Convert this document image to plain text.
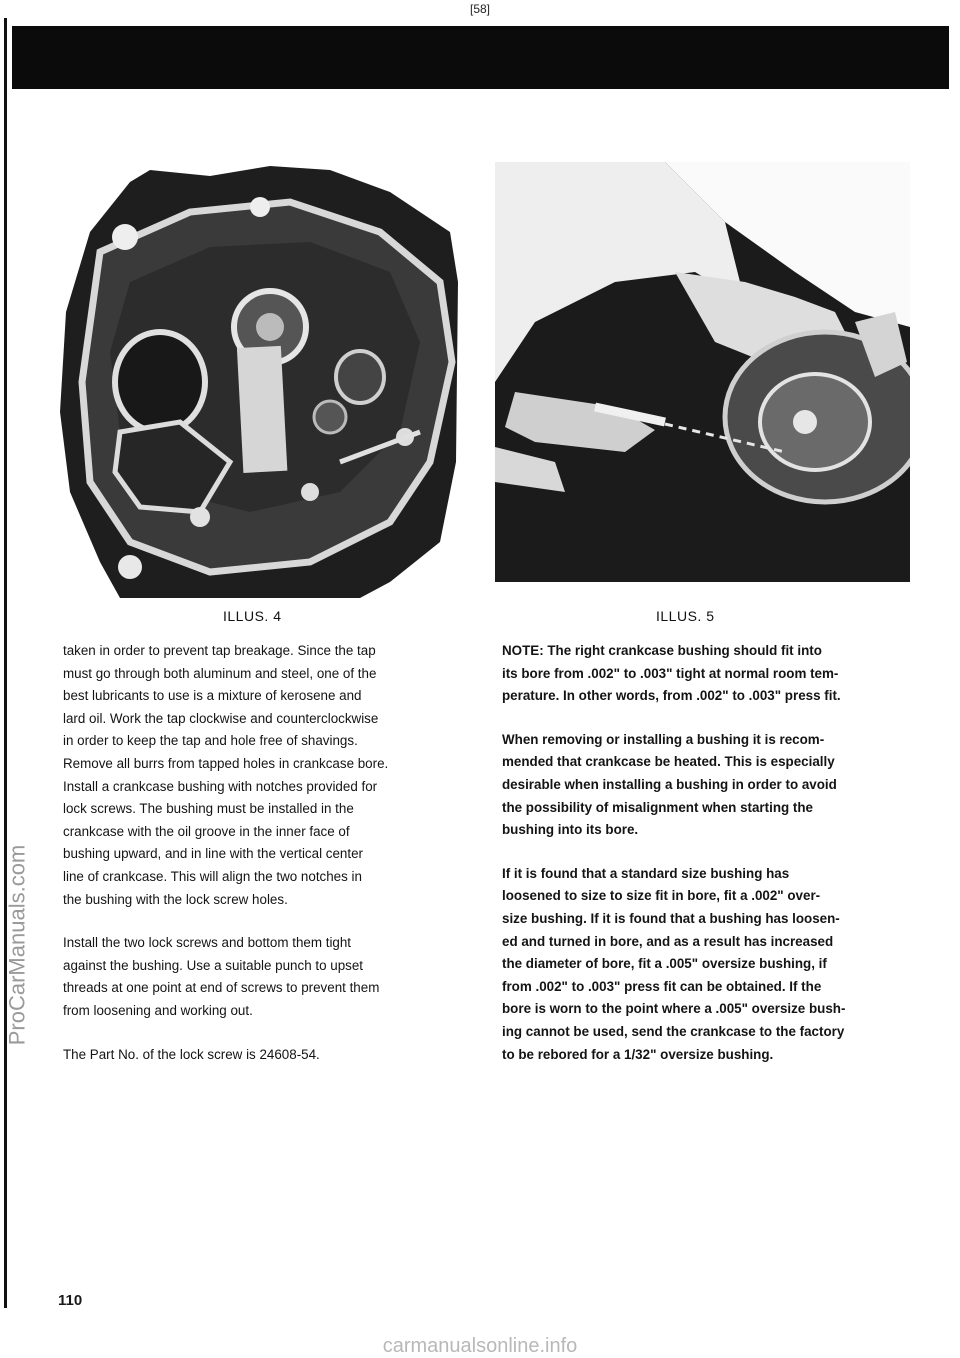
[58]
ProCarManuals.com
ILLUS. 4	ILLUS. 5

taken in order to prevent tap breakage. Since the tap
must go through both aluminum and steel, one of the
best lubricants to use is a mixture of kerosene and
lard oil. Work the tap clockwise and counterclockwise
in order to keep the tap and hole free of shavings.
Remove all burrs from tapped holes in crankcase bore.
Install a crankcase bushing with notches provided for
lock screws. The bushing must be installed in the
crankcase with the oil groove in the inner face of
bushing upward, and in line with the vertical center
line of crankcase. This will align the two notches in
the bushing with the lock screw holes.

Install the two lock screws and bottom them tight
against the bushing. Use a suitable punch to upset
threads at one point at end of screws to prevent them
from loosening and working out.

The Part No. of the lock screw is 24608-54.

NOTE: The right crankcase bushing should fit into
its bore from .002" to .003" tight at normal room tem-
perature. In other words, from .002" to .003" press fit.

When removing or installing a bushing it is recom-
mended that crankcase be heated. This is especially
desirable when installing a bushing in order to avoid
the possibility of misalignment when starting the
bushing into its bore.

If it is found that a standard size bushing has
loosened to size to size fit in bore, fit a .002" over-
size bushing. If it is found that a bushing has loosen-
ed and turned in bore, and as a result has increased
the diameter of bore, fit a .005" oversize bushing, if
from .002" to .003" press fit can be obtained. If the
bore is worn to the point where a .005" oversize bush-
ing cannot be used, send the crankcase to the factory
to be rebored for a 1/32" oversize bushing.

110
carmanualsonline.info
